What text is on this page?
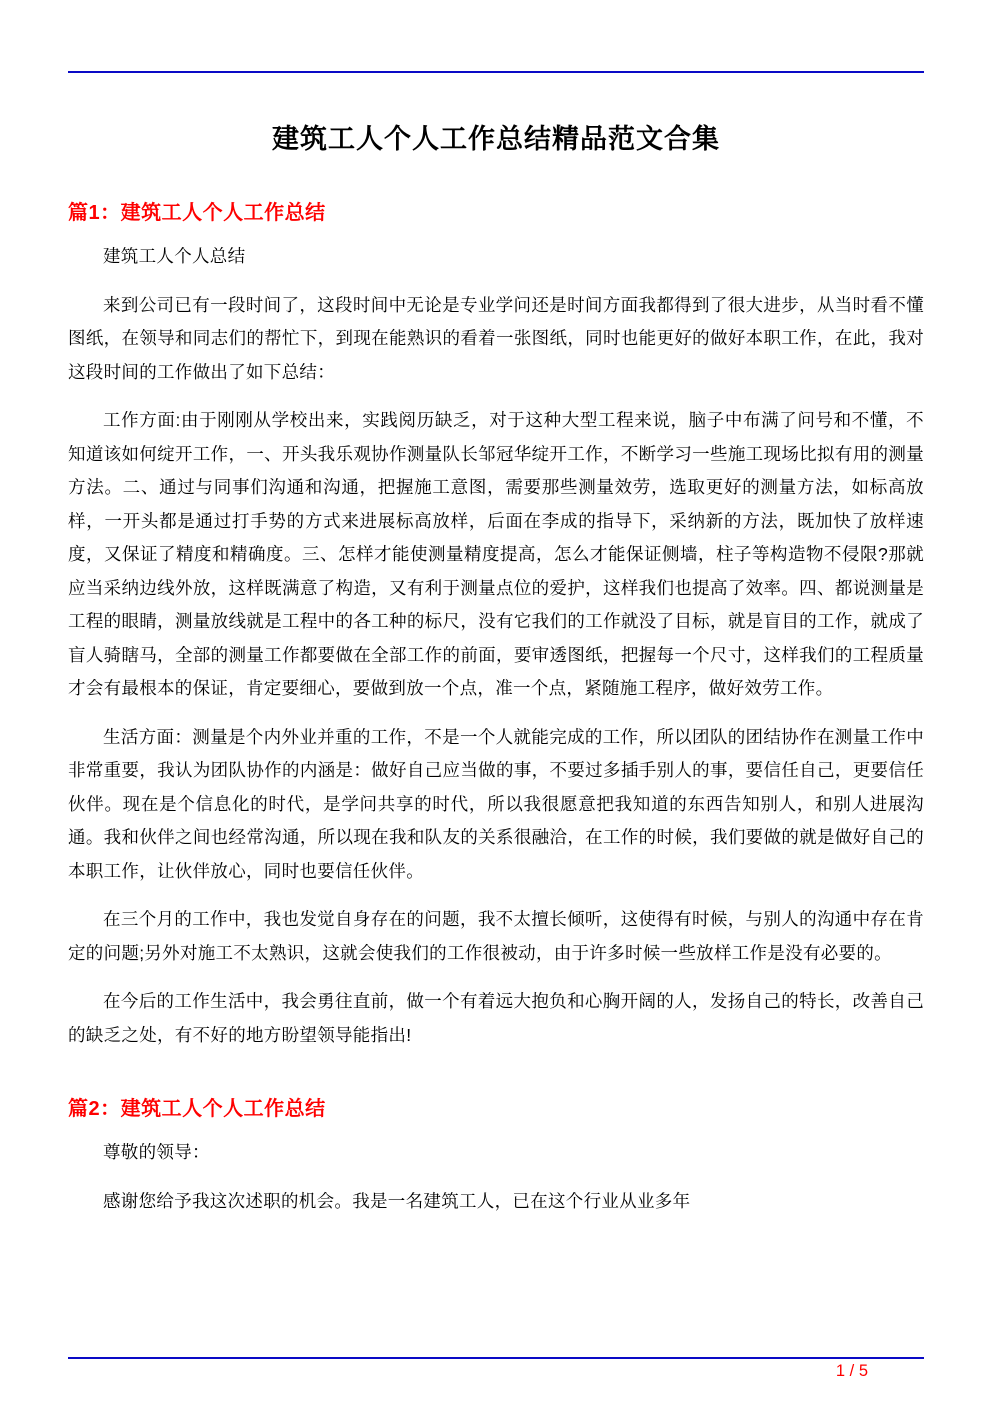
建筑工人个人工作总结精品范文合集
篇1：建筑工人个人工作总结

建筑工人个人总结

来到公司已有一段时间了，这段时间中无论是专业学问还是时间方面我都得到了很大进步，从当时看不懂图纸，在领导和同志们的帮忙下，到现在能熟识的看着一张图纸，同时也能更好的做好本职工作，在此，我对这段时间的工作做出了如下总结：

工作方面:由于刚刚从学校出来，实践阅历缺乏，对于这种大型工程来说，脑子中布满了问号和不懂，不知道该如何绽开工作，一、开头我乐观协作测量队长邹冠华绽开工作，不断学习一些施工现场比拟有用的测量方法。二、通过与同事们沟通和沟通，把握施工意图，需要那些测量效劳，选取更好的测量方法，如标高放样，一开头都是通过打手势的方式来进展标高放样，后面在李成的指导下，采纳新的方法，既加快了放样速度，又保证了精度和精确度。三、怎样才能使测量精度提高，怎么才能保证侧墙，柱子等构造物不侵限?那就应当采纳边线外放，这样既满意了构造，又有利于测量点位的爱护，这样我们也提高了效率。四、都说测量是工程的眼睛，测量放线就是工程中的各工种的标尺，没有它我们的工作就没了目标，就是盲目的工作，就成了盲人骑瞎马，全部的测量工作都要做在全部工作的前面，要审透图纸，把握每一个尺寸，这样我们的工程质量才会有最根本的保证，肯定要细心，要做到放一个点，准一个点，紧随施工程序，做好效劳工作。

生活方面：测量是个内外业并重的工作，不是一个人就能完成的工作，所以团队的团结协作在测量工作中非常重要，我认为团队协作的内涵是：做好自己应当做的事，不要过多插手别人的事，要信任自己，更要信任伙伴。现在是个信息化的时代，是学问共享的时代，所以我很愿意把我知道的东西告知别人，和别人进展沟通。我和伙伴之间也经常沟通，所以现在我和队友的关系很融洽，在工作的时候，我们要做的就是做好自己的本职工作，让伙伴放心，同时也要信任伙伴。

在三个月的工作中，我也发觉自身存在的问题，我不太擅长倾听，这使得有时候，与别人的沟通中存在肯定的问题;另外对施工不太熟识，这就会使我们的工作很被动，由于许多时候一些放样工作是没有必要的。

在今后的工作生活中，我会勇往直前，做一个有着远大抱负和心胸开阔的人，发扬自己的特长，改善自己的缺乏之处，有不好的地方盼望领导能指出!

篇2：建筑工人个人工作总结

尊敬的领导：

感谢您给予我这次述职的机会。我是一名建筑工人，已在这个行业从业多年

1 / 5
